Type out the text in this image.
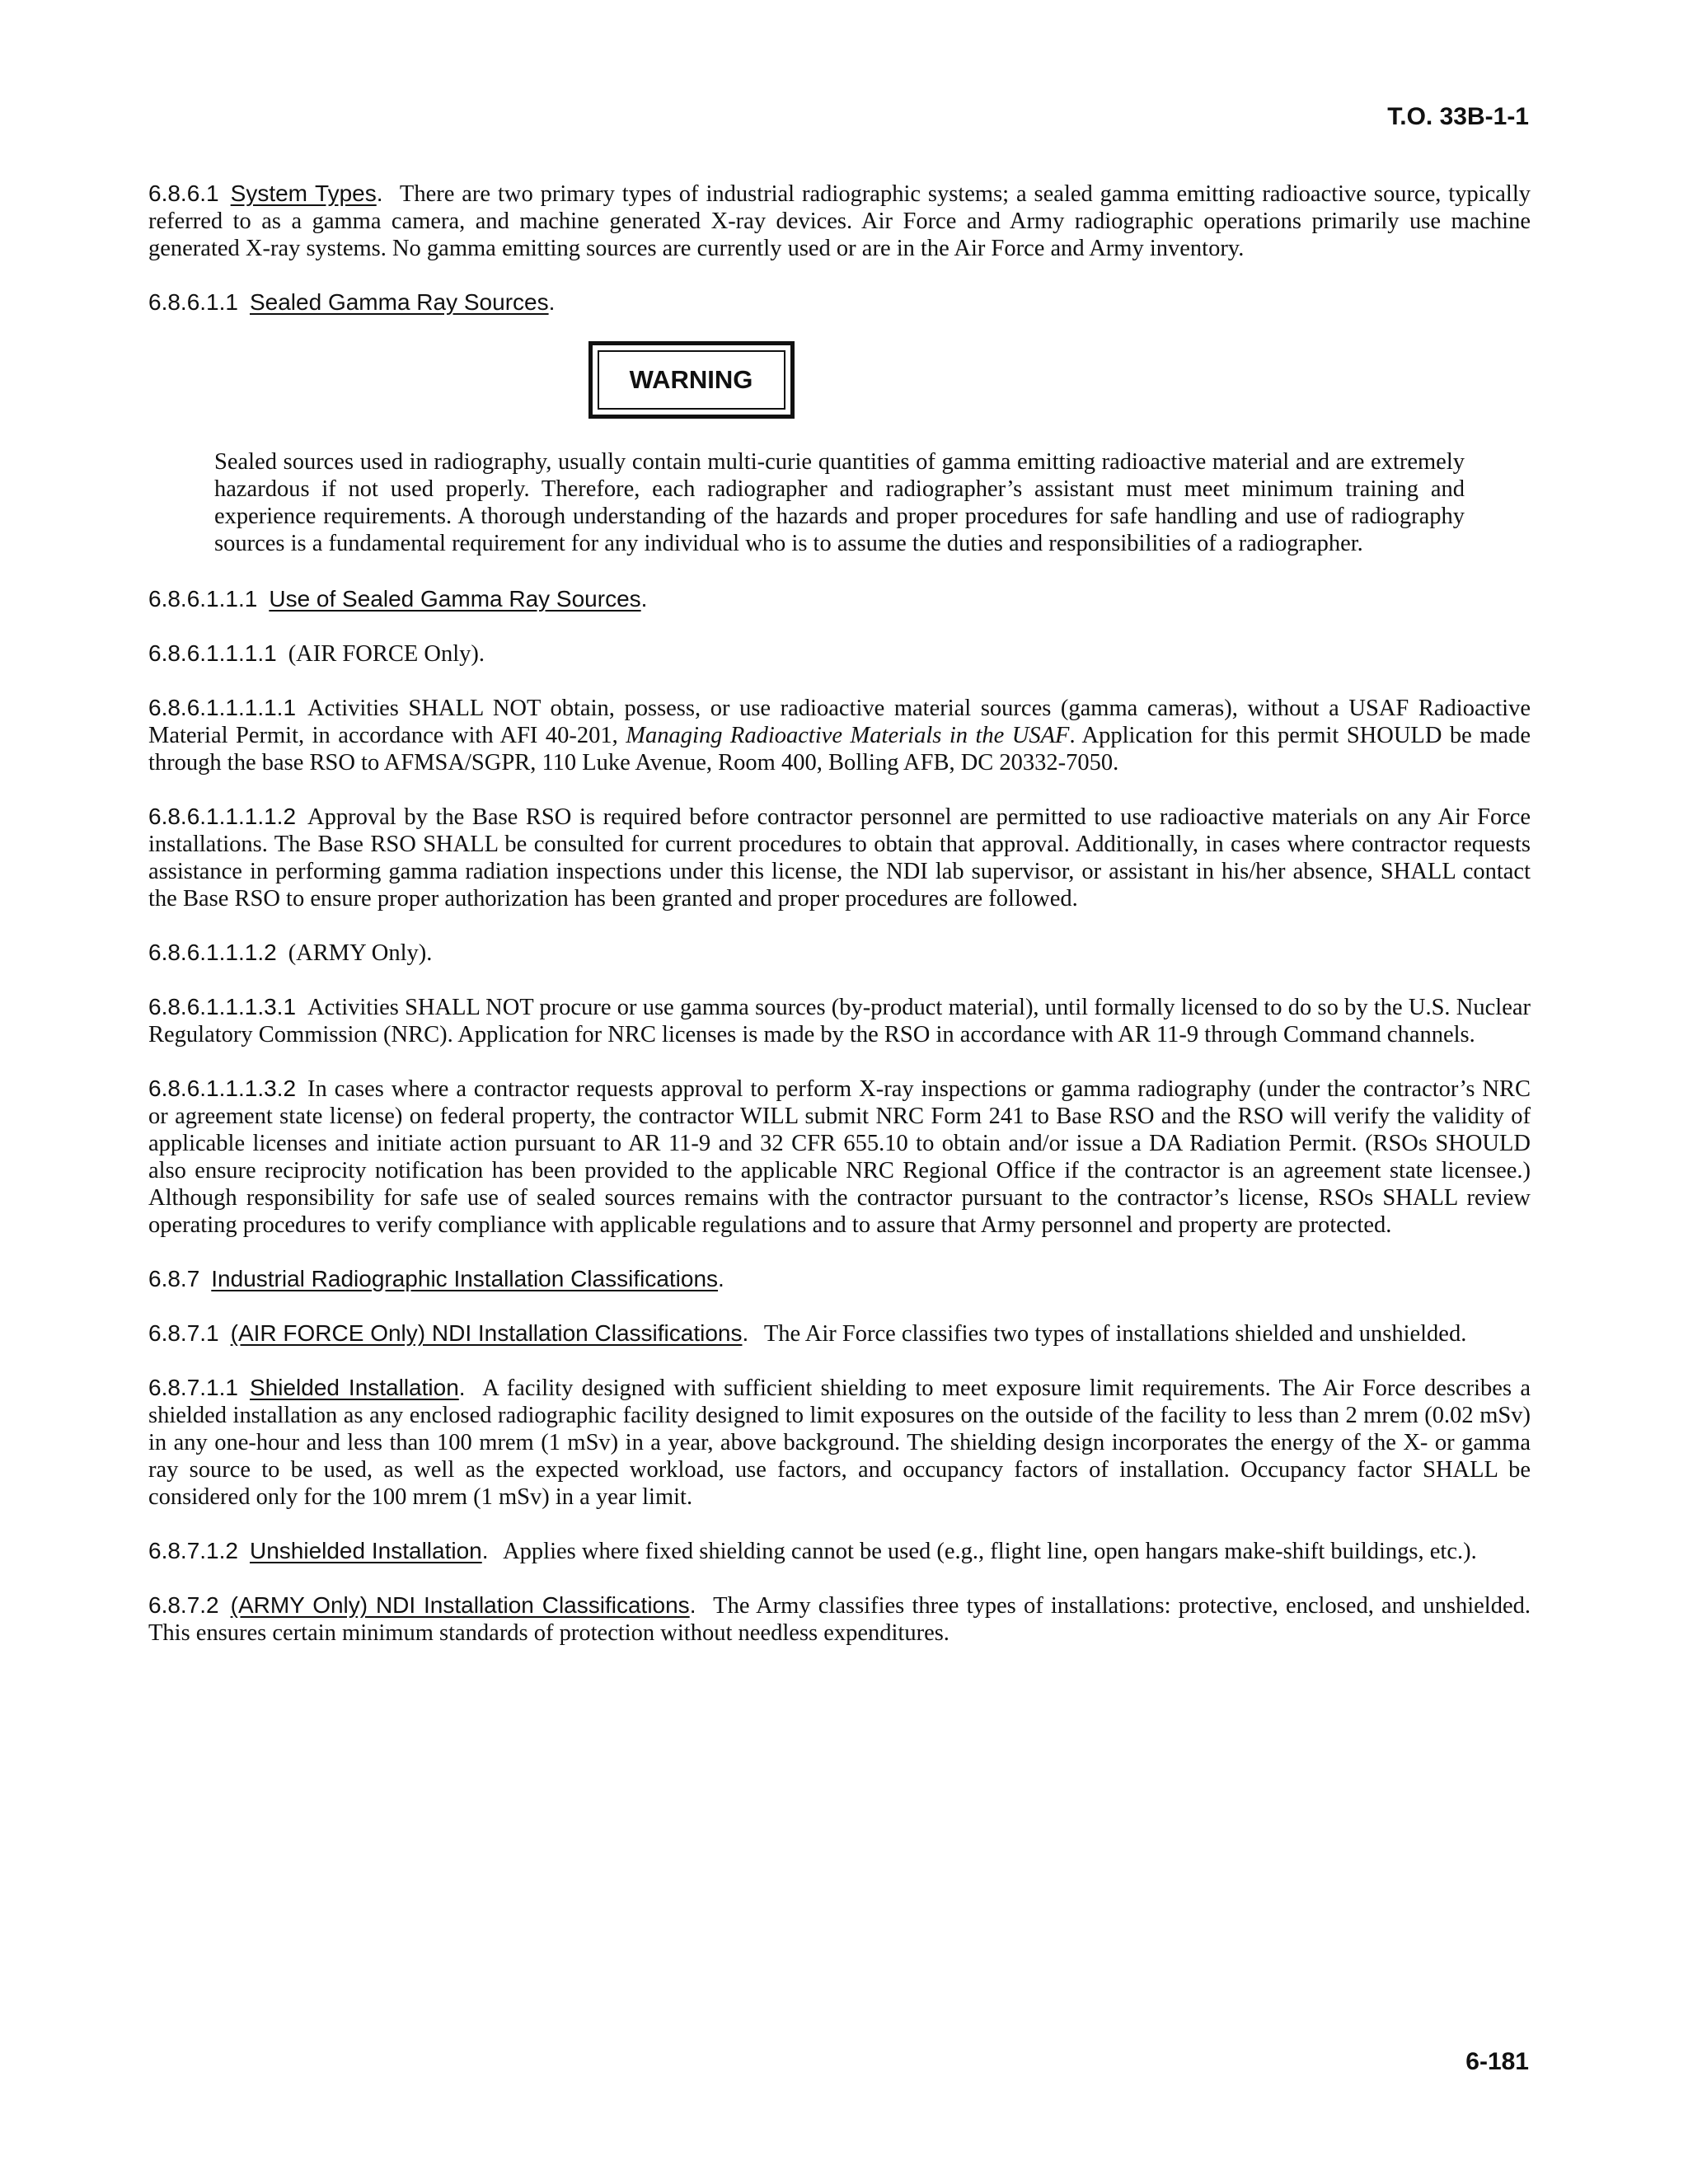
T.O. 33B-1-1

6.8.6.1 System Types. There are two primary types of industrial radiographic systems; a sealed gamma emitting radioactive source, typically referred to as a gamma camera, and machine generated X-ray devices. Air Force and Army radiographic operations primarily use machine generated X-ray systems. No gamma emitting sources are currently used or are in the Air Force and Army inventory.

6.8.6.1.1 Sealed Gamma Ray Sources.

WARNING

Sealed sources used in radiography, usually contain multi-curie quantities of gamma emitting radioactive material and are extremely hazardous if not used properly. Therefore, each radiographer and radiographer’s assistant must meet minimum training and experience requirements. A thorough understanding of the hazards and proper procedures for safe handling and use of radiography sources is a fundamental requirement for any individual who is to assume the duties and responsibilities of a radiographer.

6.8.6.1.1.1 Use of Sealed Gamma Ray Sources.

6.8.6.1.1.1.1 (AIR FORCE Only).

6.8.6.1.1.1.1.1 Activities SHALL NOT obtain, possess, or use radioactive material sources (gamma cameras), without a USAF Radioactive Material Permit, in accordance with AFI 40-201, Managing Radioactive Materials in the USAF. Application for this permit SHOULD be made through the base RSO to AFMSA/SGPR, 110 Luke Avenue, Room 400, Bolling AFB, DC 20332-7050.

6.8.6.1.1.1.1.2 Approval by the Base RSO is required before contractor personnel are permitted to use radioactive materials on any Air Force installations. The Base RSO SHALL be consulted for current procedures to obtain that approval. Additionally, in cases where contractor requests assistance in performing gamma radiation inspections under this license, the NDI lab supervisor, or assistant in his/her absence, SHALL contact the Base RSO to ensure proper authorization has been granted and proper procedures are followed.

6.8.6.1.1.1.2 (ARMY Only).

6.8.6.1.1.1.3.1 Activities SHALL NOT procure or use gamma sources (by-product material), until formally licensed to do so by the U.S. Nuclear Regulatory Commission (NRC). Application for NRC licenses is made by the RSO in accordance with AR 11-9 through Command channels.

6.8.6.1.1.1.3.2 In cases where a contractor requests approval to perform X-ray inspections or gamma radiography (under the contractor’s NRC or agreement state license) on federal property, the contractor WILL submit NRC Form 241 to Base RSO and the RSO will verify the validity of applicable licenses and initiate action pursuant to AR 11-9 and 32 CFR 655.10 to obtain and/or issue a DA Radiation Permit. (RSOs SHOULD also ensure reciprocity notification has been provided to the applicable NRC Regional Office if the contractor is an agreement state licensee.) Although responsibility for safe use of sealed sources remains with the contractor pursuant to the contractor’s license, RSOs SHALL review operating procedures to verify compliance with applicable regulations and to assure that Army personnel and property are protected.

6.8.7 Industrial Radiographic Installation Classifications.

6.8.7.1 (AIR FORCE Only) NDI Installation Classifications. The Air Force classifies two types of installations shielded and unshielded.

6.8.7.1.1 Shielded Installation. A facility designed with sufficient shielding to meet exposure limit requirements. The Air Force describes a shielded installation as any enclosed radiographic facility designed to limit exposures on the outside of the facility to less than 2 mrem (0.02 mSv) in any one-hour and less than 100 mrem (1 mSv) in a year, above background. The shielding design incorporates the energy of the X- or gamma ray source to be used, as well as the expected workload, use factors, and occupancy factors of installation. Occupancy factor SHALL be considered only for the 100 mrem (1 mSv) in a year limit.

6.8.7.1.2 Unshielded Installation. Applies where fixed shielding cannot be used (e.g., flight line, open hangars make-shift buildings, etc.).

6.8.7.2 (ARMY Only) NDI Installation Classifications. The Army classifies three types of installations: protective, enclosed, and unshielded. This ensures certain minimum standards of protection without needless expenditures.

6-181
